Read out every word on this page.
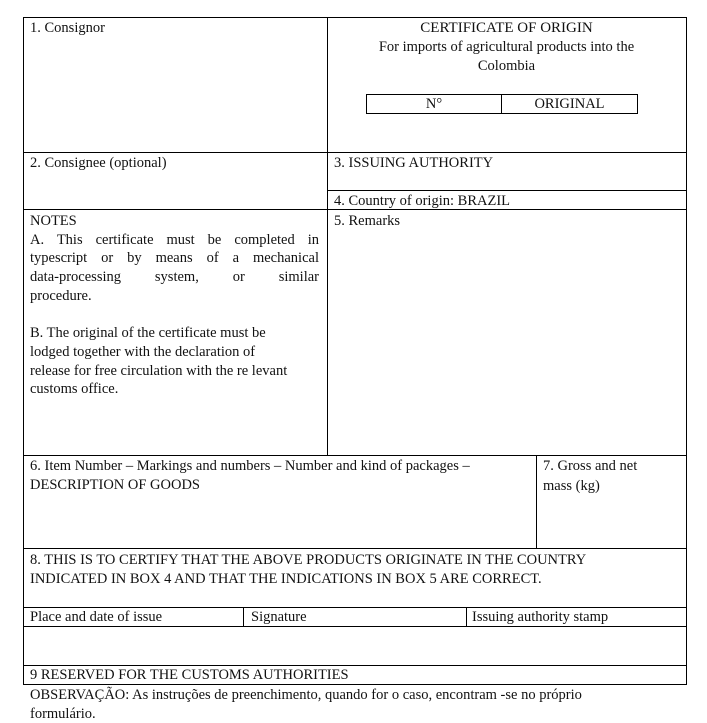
1. Consignor	CERTIFICATE OF ORIGIN
For imports of agricultural products into the
Colombia
N°	ORIGINAL
2. Consignee (optional)	3. ISSUING AUTHORITY
4. Country of origin: BRAZIL
NOTES
A. This certificate must be completed in
typescript or by means of a mechanical
data-processing system, or similar
procedure.
B. The original of the certificate must be
lodged together with the declaration of
release for free circulation with the re levant
customs office.
5. Remarks
6. Item Number – Markings and numbers – Number and kind of packages –
DESCRIPTION OF GOODS
7. Gross and net
mass (kg)
8. THIS IS TO CERTIFY THAT THE ABOVE PRODUCTS ORIGINATE IN THE COUNTRY
INDICATED IN BOX 4 AND THAT THE INDICATIONS IN BOX 5 ARE CORRECT.
Place and date of issue	Signature	Issuing authority stamp
9 RESERVED FOR THE CUSTOMS AUTHORITIES
OBSERVAÇÃO: As instruções de preenchimento, quando for o caso, encontram -se no próprio
formulário.
